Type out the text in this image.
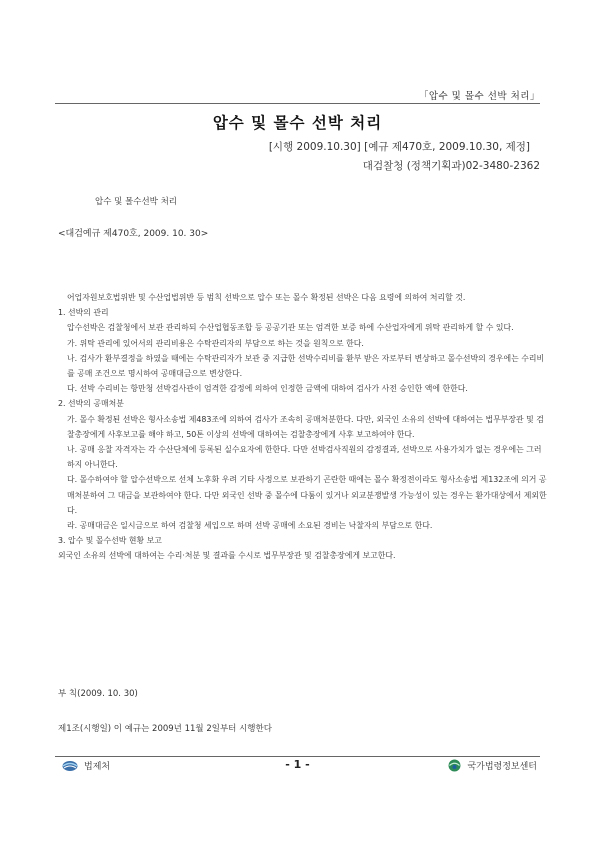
「압수 및 몰수 선박 처리」
압수 및 몰수 선박 처리
[시행 2009.10.30] [예규 제470호, 2009.10.30, 제정]
대검찰청 (정책기획과)02-3480-2362
압수 및 몰수선박 처리
<대검예규 제470호, 2009. 10. 30>

어업자원보호법위반 및 수산업법위반 등 범칙 선박으로 압수 또는 몰수 확정된 선박은 다음 요령에 의하여 처리할 것.

1. 선박의 관리

압수선박은 검찰청에서 보관 관리하되 수산업협동조합 등 공공기관 또는 엄격한 보증 하에 수산업자에게 위탁 관리하게 할 수 있다.

가. 위탁 관리에 있어서의 관리비용은 수탁관리자의 부담으로 하는 것을 원칙으로 한다.

나. 검사가 환부결정을 하였을 때에는 수탁관리자가 보관 중 지급한 선박수리비를 환부 받은 자로부터 변상하고 몰수선박의 경우에는 수리비를 공매 조건으로 명시하여 공매대금으로 변상한다.

다. 선박 수리비는 항만청 선박검사관이 엄격한 감정에 의하여 인정한 금액에 대하여 검사가 사전 승인한 액에 한한다.

2. 선박의 공매처분

가. 몰수 확정된 선박은 형사소송법 제483조에 의하여 검사가 조속히 공매처분한다. 다만, 외국인 소유의 선박에 대하여는 법무부장관 및 검찰총장에게 사후보고를 해야 하고, 50톤 이상의 선박에 대하여는 검찰총장에게 사후 보고하여야 한다.

나. 공매 응찰 자격자는 각 수산단체에 등록된 실수요자에 한한다. 다만 선박검사직원의 감정결과, 선박으로 사용가치가 없는 경우에는 그러하지 아니한다.

다. 몰수하여야 할 압수선박으로 선체 노후화 우려 기타 사정으로 보관하기 곤란한 때에는 몰수 확정전이라도 형사소송법 제132조에 의거 공매처분하여 그 대금을 보관하여야 한다. 다만 외국인 선박 중 몰수에 다툼이 있거나 외교분쟁발생 가능성이 있는 경우는 환가대상에서 제외한다.

라. 공매대금은 일시금으로 하여 검찰청 세입으로 하며 선박 공매에 소요된 경비는 낙찰자의 부담으로 한다.

3. 압수 및 몰수선박 현황 보고

외국인 소유의 선박에 대하여는 수리·처분 및 결과를 수시로 법무부장관 및 검찰총장에게 보고한다.

부 칙(2009. 10. 30)
제1조(시행일) 이 예규는 2009년 11월 2일부터 시행한다
법제처	- 1 -	국가법령정보센터
